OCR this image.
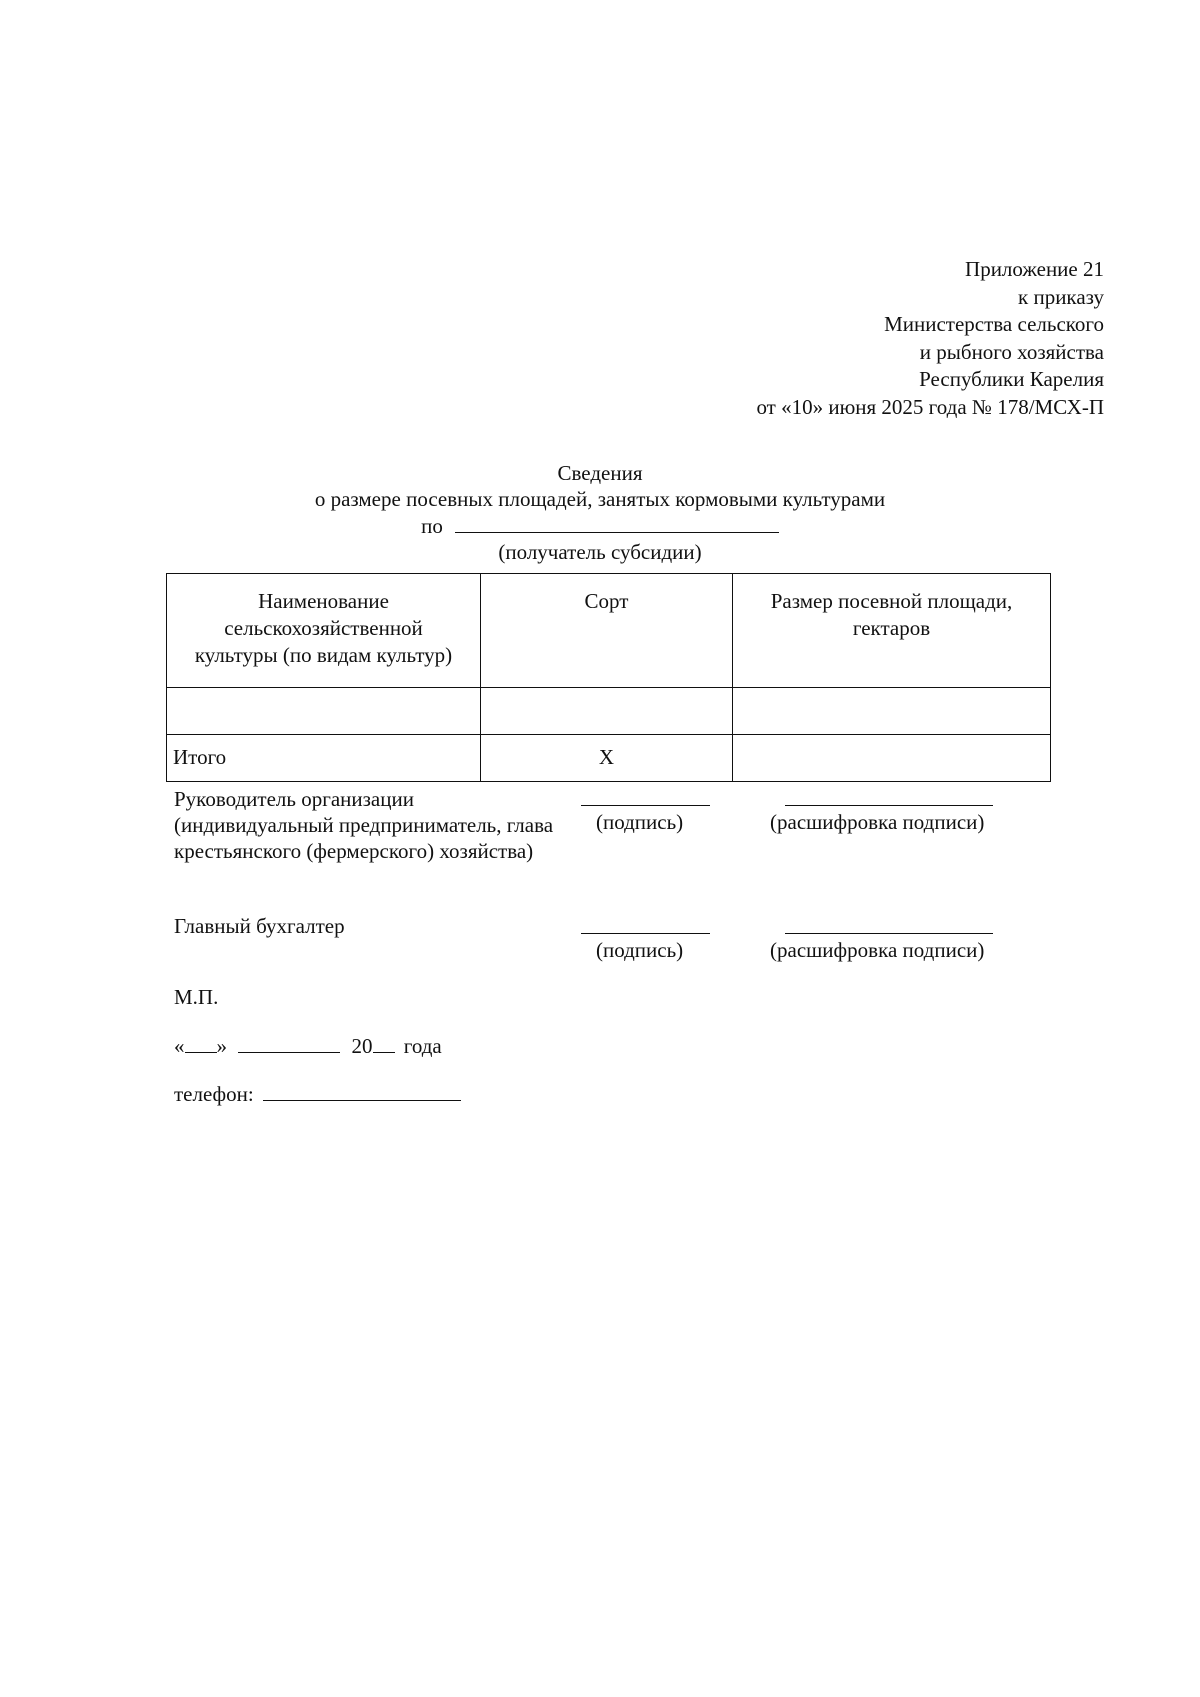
Приложение 21
к приказу
Министерства сельского
и рыбного хозяйства
Республики Карелия
от «10» июня 2025 года № 178/МСХ-П
Сведения
о размере посевных площадей, занятых кормовыми культурами
по
(получатель субсидии)
Наименование сельскохозяйственной культуры (по видам культур)	Сорт	Размер посевной площади, гектаров

Итого	X	
Руководитель организации (индивидуальный предприниматель, глава крестьянского (фермерского) хозяйства)
(подпись)	(расшифровка подписи)
Главный бухгалтер
(подпись)	(расшифровка подписи)
М.П.
« »	20 года
телефон:
